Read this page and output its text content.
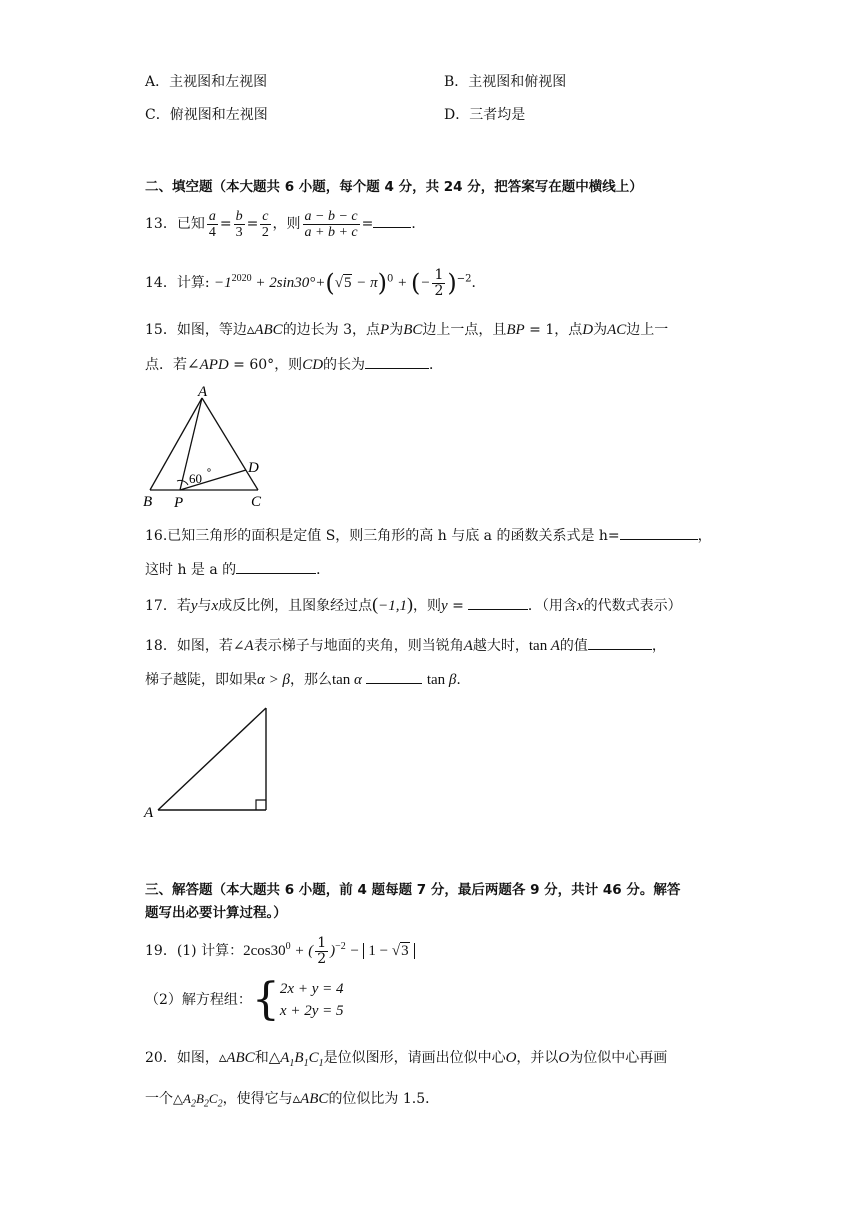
A．主视图和左视图	B．主视图和俯视图
C．俯视图和左视图	D．三者均是
二、填空题（本大题共 6 小题，每个题 4 分，共 24 分，把答案写在题中横线上）
13．已知 $\frac{a}{4} = \frac{b}{3} = \frac{c}{2}$ ，则 $\frac{a - b - c}{a + b + c}$ =	．
14．计算: $-1^{2020} + 2\sin 30^\circ+(√5 - \pi)^0$ + (− $\frac{1}{2} )^{-2}$．
15．如图，等边▵ABC的边长为 3，点P为BC边上一点，且BP = 1，点D为AC边上一
点．若∠APD = 60°，则CD的长为	．
A
B P	C
D
60
16.已知三角形的面积是定值 S，则三角形的高 h 与底 a 的函数关系式是 h=	，
这时 h 是 a 的	．
17．若y与x成反比例，且图象经过点(−1,1)，则y =	．（用含x的代数式表示）
18．如图，若∠A表示梯子与地面的夹角，则当锐角A越大时，tan A的值	，
梯子越陡，即如果α > β，那么tan α	tan β.
A
三、解答题（本大题共 6 小题，前 4 题每题 7 分，最后两题各 9 分，共计 46 分。解答
题写出必要计算过程。）
19．(1) 计算：$2\cos 30^0$ + ( $\frac{1}{2} )^{-2} - 1 - √3$
（2）解方程组：{ 2x + y = 4
x + 2y = 5
20．如图，▵ABC和$\triangle A_1B_1C_1$是位似图形，请画出位似中心O，并以O为位似中心再画
一个$\triangle A_2B_2C_2$，使得它与▵ABC的位似比为 1.5．
